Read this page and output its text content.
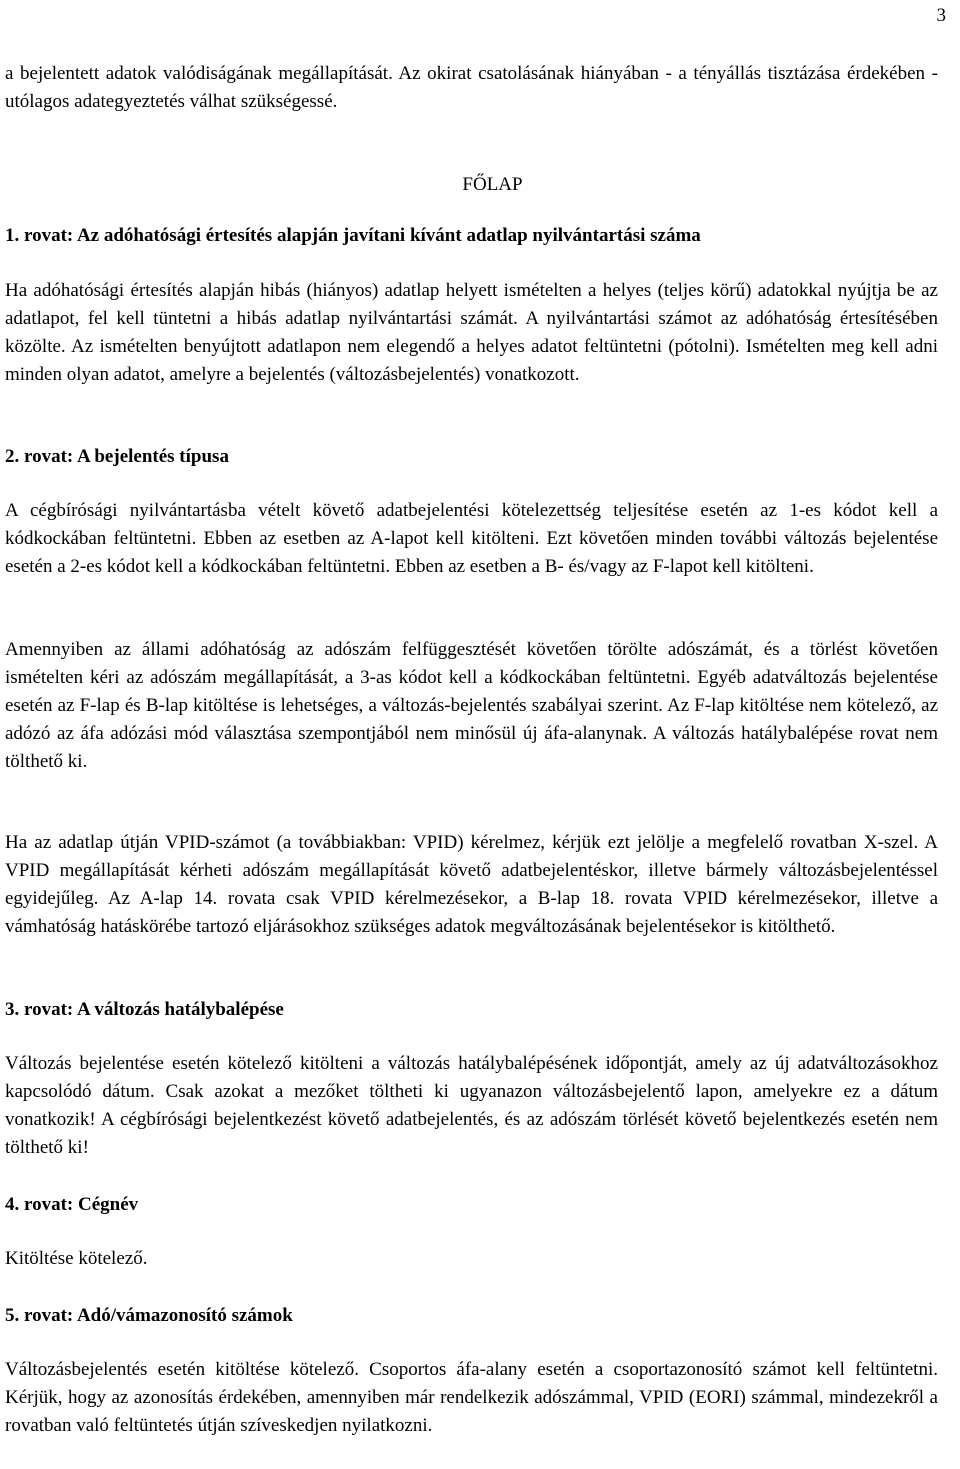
3

a bejelentett adatok valódiságának megállapítását. Az okirat csatolásának hiányában - a tényállás tisztázása érdekében - utólagos adategyeztetés válhat szükségessé.

FŐLAP

1. rovat: Az adóhatósági értesítés alapján javítani kívánt adatlap nyilvántartási száma

Ha adóhatósági értesítés alapján hibás (hiányos) adatlap helyett ismételten a helyes (teljes körű) adatokkal nyújtja be az adatlapot, fel kell tüntetni a hibás adatlap nyilvántartási számát. A nyilvántartási számot az adóhatóság értesítésében közölte. Az ismételten benyújtott adatlapon nem elegendő a helyes adatot feltüntetni (pótolni). Ismételten meg kell adni minden olyan adatot, amelyre a bejelentés (változásbejelentés) vonatkozott.

2. rovat: A bejelentés típusa

A cégbírósági nyilvántartásba vételt követő adatbejelentési kötelezettség teljesítése esetén az 1-es kódot kell a kódkockában feltüntetni. Ebben az esetben az A-lapot kell kitölteni. Ezt követően minden további változás bejelentése esetén a 2-es kódot kell a kódkockában feltüntetni. Ebben az esetben a B- és/vagy az F-lapot kell kitölteni.

Amennyiben az állami adóhatóság az adószám felfüggesztését követően törölte adószámát, és a törlést követően ismételten kéri az adószám megállapítását, a 3-as kódot kell a kódkockában feltüntetni. Egyéb adatváltozás bejelentése esetén az F-lap és B-lap kitöltése is lehetséges, a változás-bejelentés szabályai szerint. Az F-lap kitöltése nem kötelező, az adózó az áfa adózási mód választása szempontjából nem minősül új áfa-alanynak. A változás hatálybalépése rovat nem tölthető ki.

Ha az adatlap útján VPID-számot (a továbbiakban: VPID) kérelmez, kérjük ezt jelölje a megfelelő rovatban X-szel. A VPID megállapítását kérheti adószám megállapítását követő adatbejelentéskor, illetve bármely változásbejelentéssel egyidejűleg. Az A-lap 14. rovata csak VPID kérelmezésekor, a B-lap 18. rovata VPID kérelmezésekor, illetve a vámhatóság hatáskörébe tartozó eljárásokhoz szükséges adatok megváltozásának bejelentésekor is kitölthető.

3. rovat: A változás hatálybalépése

Változás bejelentése esetén kötelező kitölteni a változás hatálybalépésének időpontját, amely az új adatváltozásokhoz kapcsolódó dátum. Csak azokat a mezőket töltheti ki ugyanazon változásbejelentő lapon, amelyekre ez a dátum vonatkozik! A cégbírósági bejelentkezést követő adatbejelentés, és az adószám törlését követő bejelentkezés esetén nem tölthető ki!

4. rovat: Cégnév

Kitöltése kötelező.

5. rovat: Adó/vámazonosító számok

Változásbejelentés esetén kitöltése kötelező. Csoportos áfa-alany esetén a csoportazonosító számot kell feltüntetni. Kérjük, hogy az azonosítás érdekében, amennyiben már rendelkezik adószámmal, VPID (EORI) számmal, mindezekről a rovatban való feltüntetés útján szíveskedjen nyilatkozni.
